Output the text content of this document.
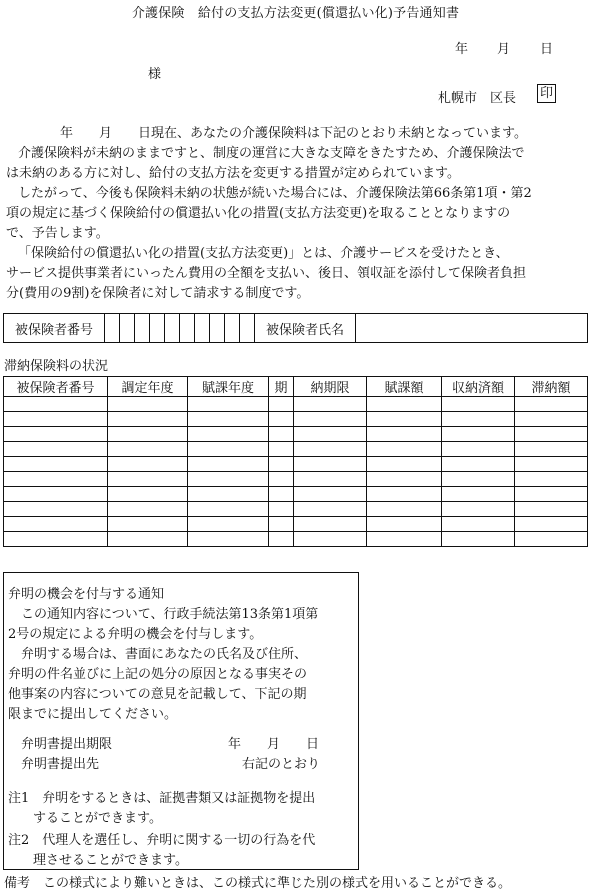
介護保険　給付の支払方法変更(償還払い化)予告通知書
年 月 日
様
札幌市　区長 印

年　　月　　日現在、あなたの介護保険料は下記のとおり未納となっています。

介護保険料が未納のままですと、制度の運営に大きな支障をきたすため、介護保険法で

は未納のある方に対し、給付の支払方法を変更する措置が定められています。

したがって、今後も保険料未納の状態が続いた場合には、介護保険法第66条第1項・第2

項の規定に基づく保険給付の償還払い化の措置(支払方法変更)を取ることとなりますの

で、予告します。

「保険給付の償還払い化の措置(支払方法変更)」とは、介護サービスを受けたとき、

サービス提供事業者にいったん費用の全額を支払い、後日、領収証を添付して保険者負担

分(費用の9割)を保険者に対して請求する制度です。

被保険者番号											被保険者氏名	
滞納保険料の状況
被保険者番号	調定年度	賦課年度	期	納期限	賦課額	収納済額	滞納額

弁明の機会を付与する通知
この通知内容について、行政手続法第13条第1項第
2号の規定による弁明の機会を付与します。
弁明する場合は、書面にあなたの氏名及び住所、
弁明の件名並びに上記の処分の原因となる事実その
他事案の内容についての意見を記載して、下記の期
限までに提出してください。
弁明書提出期限	年　　月　　日
弁明書提出先	右記のとおり
注1　弁明をするときは、証拠書類又は証拠物を提出
することができます。
注2　代理人を選任し、弁明に関する一切の行為を代
理させることができます。
備考　この様式により難いときは、この様式に準じた別の様式を用いることができる。
